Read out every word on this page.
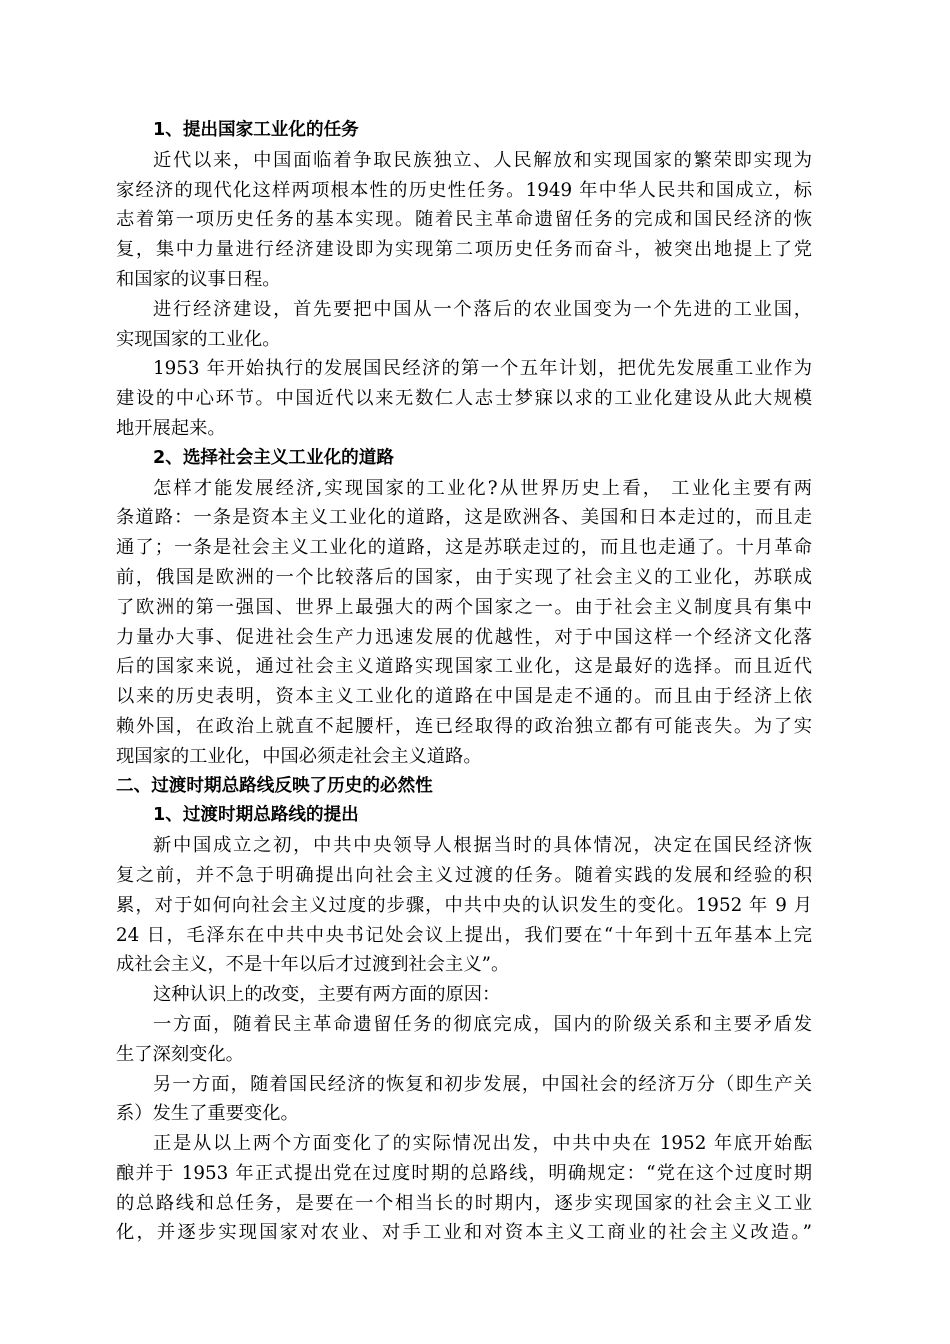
1、提出国家工业化的任务
近代以来，中国面临着争取民族独立、人民解放和实现国家的繁荣即实现为
家经济的现代化这样两项根本性的历史性任务。1949 年中华人民共和国成立，标
志着第一项历史任务的基本实现。随着民主革命遗留任务的完成和国民经济的恢
复，集中力量进行经济建设即为实现第二项历史任务而奋斗，被突出地提上了党
和国家的议事日程。
进行经济建设，首先要把中国从一个落后的农业国变为一个先进的工业国，
实现国家的工业化。
1953 年开始执行的发展国民经济的第一个五年计划，把优先发展重工业作为
建设的中心环节。中国近代以来无数仁人志士梦寐以求的工业化建设从此大规模
地开展起来。
2、选择社会主义工业化的道路
怎样才能发展经济,实现国家的工业化?从世界历史上看， 工业化主要有两
条道路：一条是资本主义工业化的道路，这是欧洲各、美国和日本走过的，而且走
通了；一条是社会主义工业化的道路，这是苏联走过的，而且也走通了。十月革命
前，俄国是欧洲的一个比较落后的国家，由于实现了社会主义的工业化，苏联成
了欧洲的第一强国、世界上最强大的两个国家之一。由于社会主义制度具有集中
力量办大事、促进社会生产力迅速发展的优越性，对于中国这样一个经济文化落
后的国家来说，通过社会主义道路实现国家工业化，这是最好的选择。而且近代
以来的历史表明，资本主义工业化的道路在中国是走不通的。而且由于经济上依
赖外国，在政治上就直不起腰杆，连已经取得的政治独立都有可能丧失。为了实
现国家的工业化，中国必须走社会主义道路。
二、过渡时期总路线反映了历史的必然性
1、过渡时期总路线的提出
新中国成立之初，中共中央领导人根据当时的具体情况，决定在国民经济恢
复之前，并不急于明确提出向社会主义过渡的任务。随着实践的发展和经验的积
累，对于如何向社会主义过度的步骤，中共中央的认识发生的变化。1952 年 9 月
24 日，毛泽东在中共中央书记处会议上提出，我们要在“十年到十五年基本上完
成社会主义，不是十年以后才过渡到社会主义”。
这种认识上的改变，主要有两方面的原因：
一方面，随着民主革命遗留任务的彻底完成，国内的阶级关系和主要矛盾发
生了深刻变化。
另一方面，随着国民经济的恢复和初步发展，中国社会的经济万分（即生产关
系）发生了重要变化。
正是从以上两个方面变化了的实际情况出发，中共中央在 1952 年底开始酝
酿并于 1953 年正式提出党在过度时期的总路线，明确规定：“党在这个过度时期
的总路线和总任务，是要在一个相当长的时期内，逐步实现国家的社会主义工业
化，并逐步实现国家对农业、对手工业和对资本主义工商业的社会主义改造。”
